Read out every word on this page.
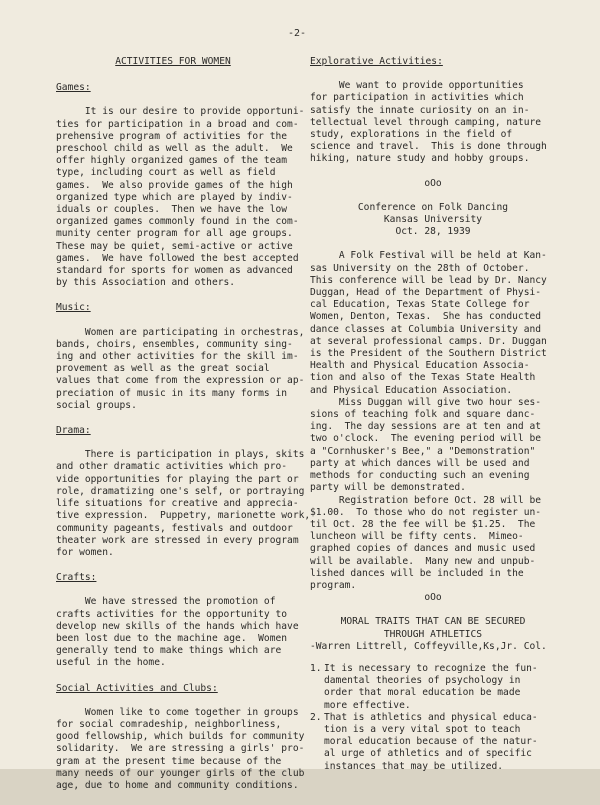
-2-

ACTIVITIES FOR WOMEN

Games:

It is our desire to provide opportuni-

ties for participation in a broad and com-

prehensive program of activities for the

preschool child as well as the adult.  We

offer highly organized games of the team

type, including court as well as field

games.  We also provide games of the high

organized type which are played by indiv-

iduals or couples.  Then we have the low

organized games commonly found in the com-

munity center program for all age groups.

These may be quiet, semi-active or active

games.  We have followed the best accepted

standard for sports for women as advanced

by this Association and others.

Music:

Women are participating in orchestras,

bands, choirs, ensembles, community sing-

ing and other activities for the skill im-

provement as well as the great social

values that come from the expression or ap-

preciation of music in its many forms in

social groups.

Drama:

There is participation in plays, skits

and other dramatic activities which pro-

vide opportunities for playing the part or

role, dramatizing one's self, or portraying

life situations for creative and apprecia-

tive expression.  Puppetry, marionette work,

community pageants, festivals and outdoor

theater work are stressed in every program

for women.

Crafts:

We have stressed the promotion of

crafts activities for the opportunity to

develop new skills of the hands which have

been lost due to the machine age.  Women

generally tend to make things which are

useful in the home.

Social Activities and Clubs:

Women like to come together in groups

for social comradeship, neighborliness,

good fellowship, which builds for community

solidarity.  We are stressing a girls' pro-

gram at the present time because of the

many needs of our younger girls of the club

age, due to home and community conditions.

Explorative Activities:

We want to provide opportunities

for participation in activities which

satisfy the innate curiosity on an in-

tellectual level through camping, nature

study, explorations in the field of

science and travel.  This is done through

hiking, nature study and hobby groups.

oOo

Conference on Folk Dancing

Kansas University

Oct. 28, 1939

A Folk Festival will be held at Kan-

sas University on the 28th of October.

This conference will be lead by Dr. Nancy

Duggan, Head of the Department of Physi-

cal Education, Texas State College for

Women, Denton, Texas.  She has conducted

dance classes at Columbia University and

at several professional camps. Dr. Duggan

is the President of the Southern District

Health and Physical Education Associa-

tion and also of the Texas State Health

and Physical Education Association.

Miss Duggan will give two hour ses-

sions of teaching folk and square danc-

ing.  The day sessions are at ten and at

two o'clock.  The evening period will be

a "Cornhusker's Bee," a "Demonstration"

party at which dances will be used and

methods for conducting such an evening

party will be demonstrated.

Registration before Oct. 28 will be

$1.00.  To those who do not register un-

til Oct. 28 the fee will be $1.25.  The

luncheon will be fifty cents.  Mimeo-

graphed copies of dances and music used

will be available.  Many new and unpub-

lished dances will be included in the

program.

oOo

MORAL TRAITS THAT CAN BE SECURED

THROUGH ATHLETICS

-Warren Littrell, Coffeyville,Ks,Jr. Col.

1. It is necessary to recognize the fun-

damental theories of psychology in

order that moral education be made

more effective.

2. That is athletics and physical educa-

tion is a very vital spot to teach

moral education because of the natur-

al urge of athletics and of specific

instances that may be utilized.
